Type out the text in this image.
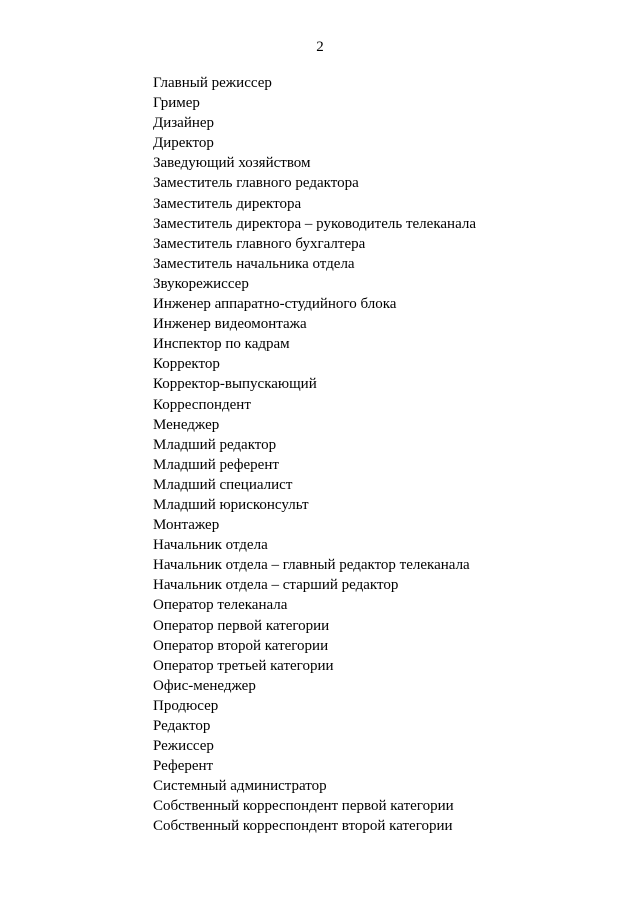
2
Главный режиссер
Гример
Дизайнер
Директор
Заведующий хозяйством
Заместитель главного редактора
Заместитель директора
Заместитель директора – руководитель телеканала
Заместитель главного бухгалтера
Заместитель начальника отдела
Звукорежиссер
Инженер аппаратно-студийного блока
Инженер видеомонтажа
Инспектор по кадрам
Корректор
Корректор-выпускающий
Корреспондент
Менеджер
Младший редактор
Младший референт
Младший специалист
Младший юрисконсульт
Монтажер
Начальник отдела
Начальник отдела – главный редактор телеканала
Начальник отдела – старший редактор
Оператор телеканала
Оператор первой категории
Оператор второй категории
Оператор третьей категории
Офис-менеджер
Продюсер
Редактор
Режиссер
Референт
Системный администратор
Собственный корреспондент первой категории
Собственный корреспондент второй категории
